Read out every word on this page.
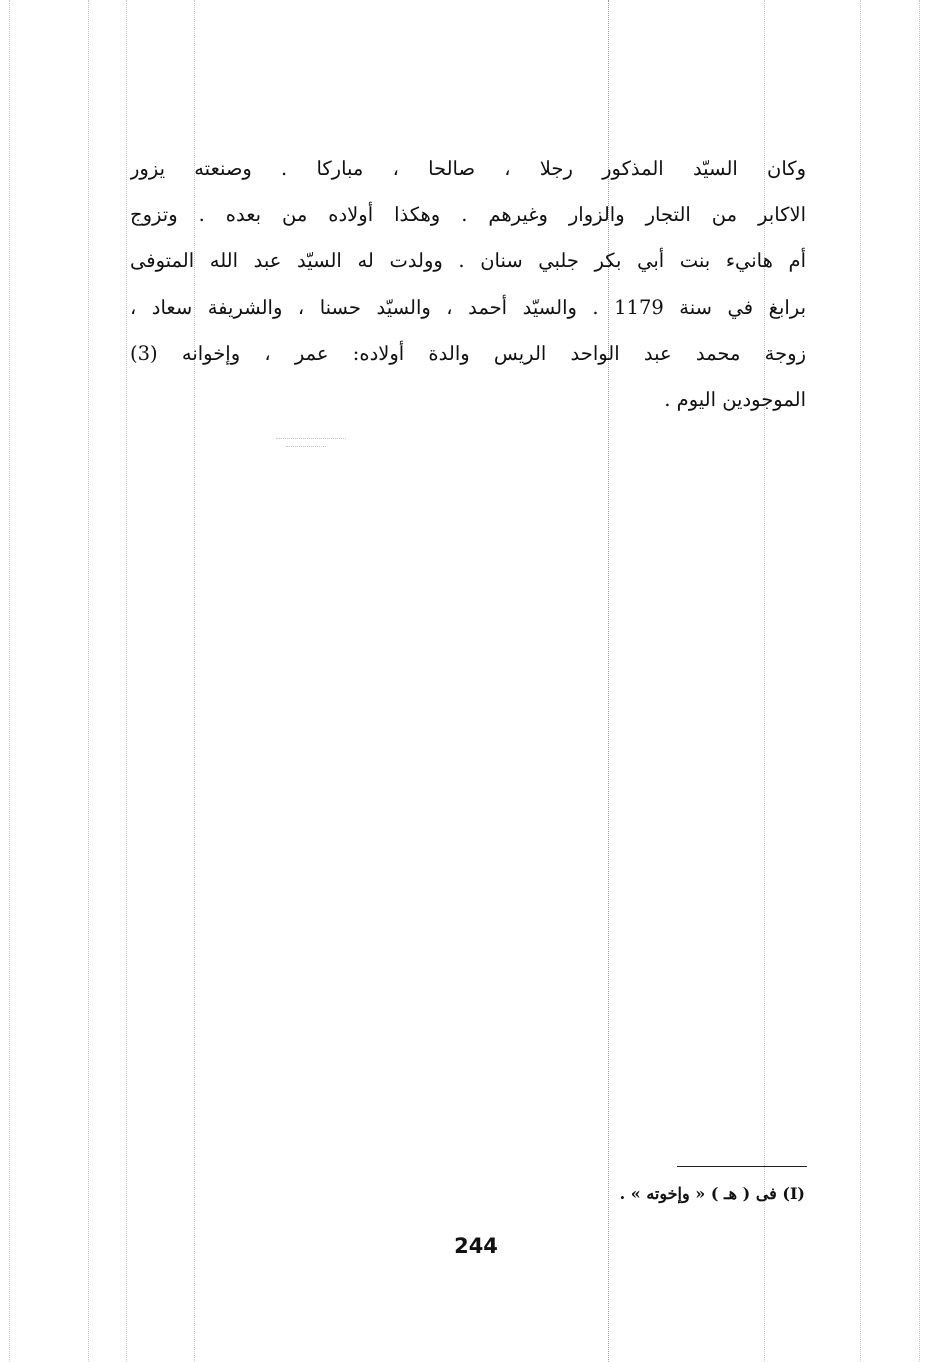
وكان السيّد المذكور رجلا ، صالحا ، مباركا . وصنعته يزور
الاكابر من التجار والزوار وغيرهم . وهكذا أولاده من بعده . وتزوج
أم هانيء بنت أبي بكر جلبي سنان . وولدت له السيّد عبد الله المتوفى
برابغ في سنة 1179 . والسيّد أحمد ، والسيّد حسنا ، والشريفة سعاد ،
زوجة محمد عبد الواحد الريس والدة أولاده: عمر ، وإخوانه (3)
الموجودين اليوم .
(I) فى ( هـ ) « وإخوته » .
244
